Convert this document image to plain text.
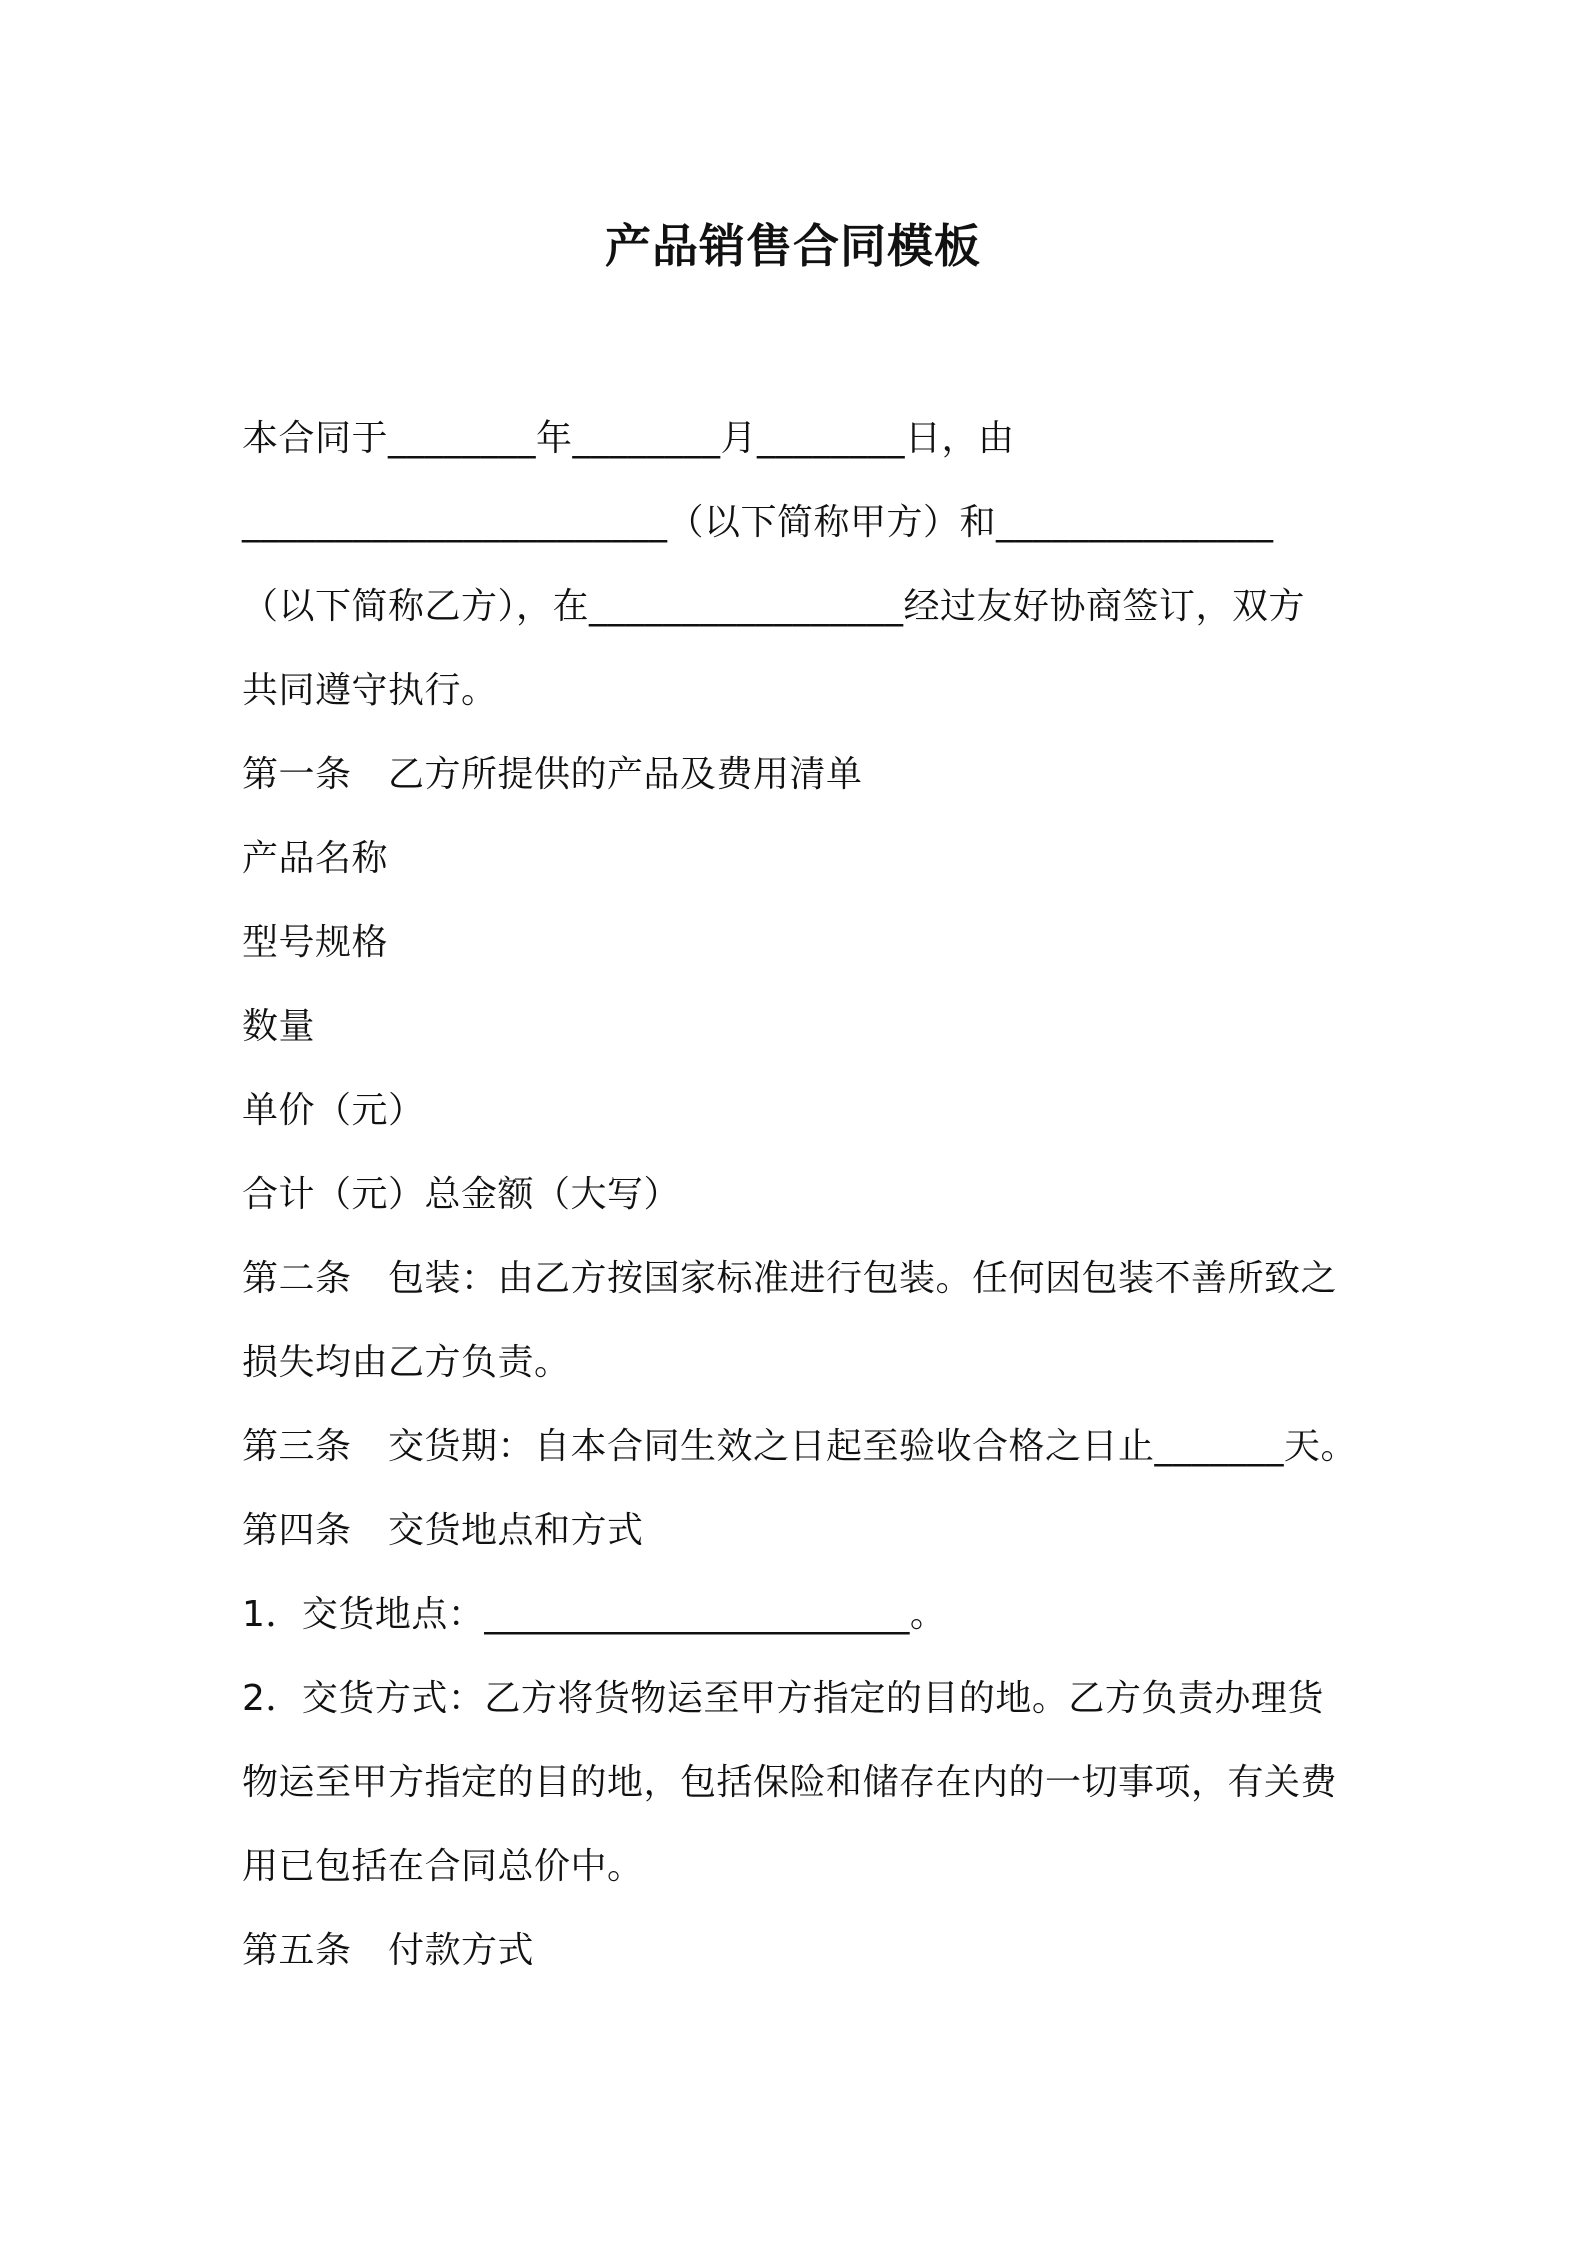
产品销售合同模板
本合同于________年________月________日，由
_______________________（以下简称甲方）和_______________
（以下简称乙方），在_________________经过友好协商签订，双方
共同遵守执行。
第一条　乙方所提供的产品及费用清单
产品名称
型号规格
数量
单价（元）
合计（元）总金额（大写）
第二条　包装：由乙方按国家标准进行包装。任何因包装不善所致之
损失均由乙方负责。
第三条　交货期：自本合同生效之日起至验收合格之日止_______天。
第四条　交货地点和方式
1．交货地点：_______________________。
2．交货方式：乙方将货物运至甲方指定的目的地。乙方负责办理货
物运至甲方指定的目的地，包括保险和储存在内的一切事项，有关费
用已包括在合同总价中。
第五条　付款方式
